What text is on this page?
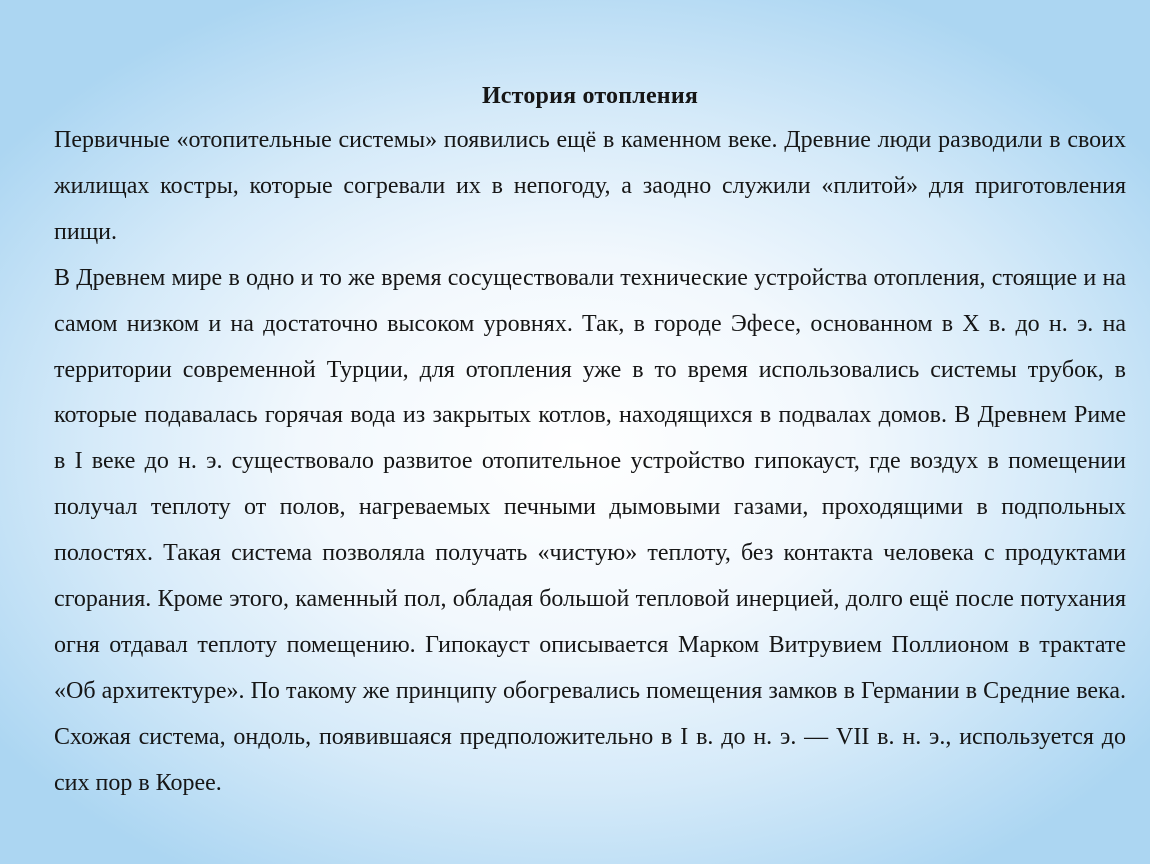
История отопления

Первичные «отопительные системы» появились ещё в каменном веке. Древние люди разводили в своих жилищах костры, которые согревали их в непогоду, а заодно служили «плитой» для приготовления пищи.

В Древнем мире в одно и то же время сосуществовали технические устройства отопления, стоящие и на самом низком и на достаточно высоком уровнях. Так, в городе Эфесе, основанном в X в. до н. э. на территории современной Турции, для отопления уже в то время использовались системы трубок, в которые подавалась горячая вода из закрытых котлов, находящихся в подвалах домов. В Древнем Риме в I веке до н. э. существовало развитое отопительное устройство гипокауст, где воздух в помещении получал теплоту от полов, нагреваемых печными дымовыми газами, проходящими в подпольных полостях. Такая система позволяла получать «чистую» теплоту, без контакта человека с продуктами сгорания. Кроме этого, каменный пол, обладая большой тепловой инерцией, долго ещё после потухания огня отдавал теплоту помещению. Гипокауст описывается Марком Витрувием Поллионом в трактате «Об архитектуре». По такому же принципу обогревались помещения замков в Германии в Средние века. Схожая система, ондоль, появившаяся предположительно в I в. до н. э. — VII в. н. э., используется до сих пор в Корее.
